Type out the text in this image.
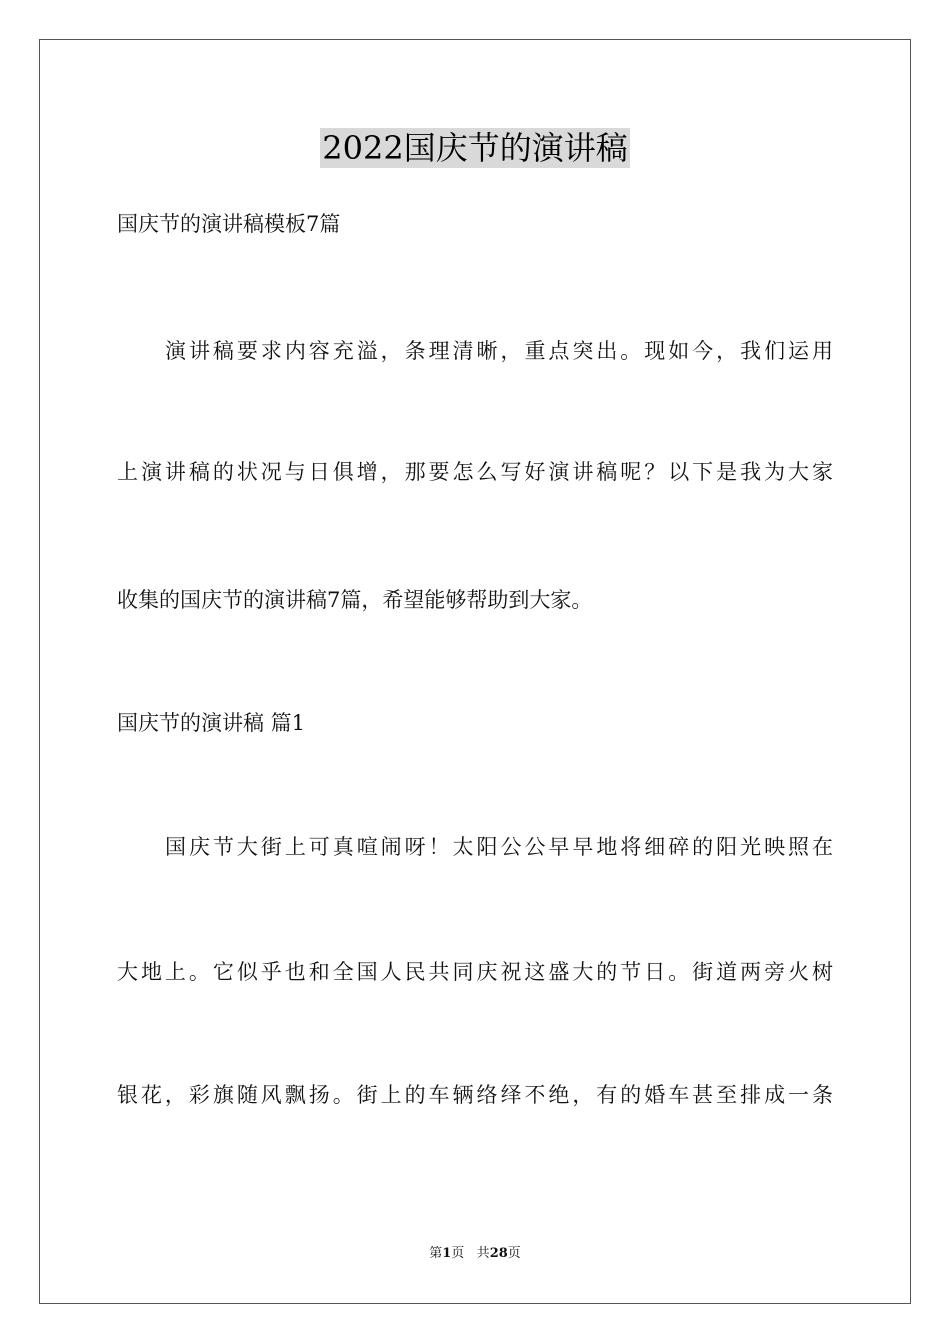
2022国庆节的演讲稿
国庆节的演讲稿模板7篇
演讲稿要求内容充溢，条理清晰，重点突出。现如今，我们运用
上演讲稿的状况与日俱增，那要怎么写好演讲稿呢？以下是我为大家
收集的国庆节的演讲稿7篇，希望能够帮助到大家。
国庆节的演讲稿 篇1
国庆节大街上可真喧闹呀！太阳公公早早地将细碎的阳光映照在
大地上。它似乎也和全国人民共同庆祝这盛大的节日。街道两旁火树
银花，彩旗随风飘扬。街上的车辆络绎不绝，有的婚车甚至排成一条
第1页 共28页
